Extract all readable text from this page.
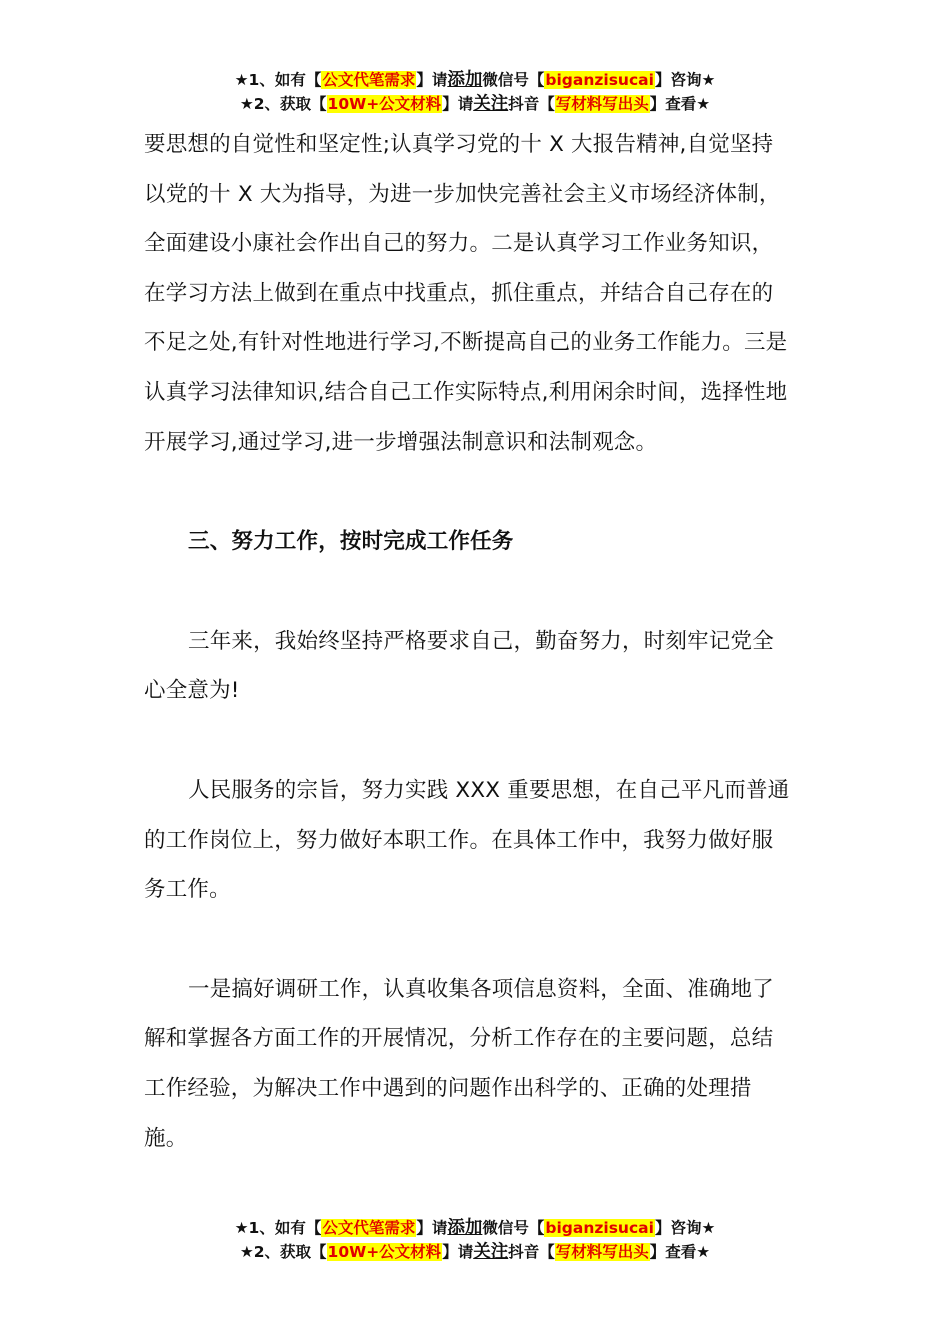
★1、如有【公文代笔需求】请添加微信号【biganzisucai】咨询★
★2、获取【10W+公文材料】请关注抖音【写材料写出头】查看★
要思想的自觉性和坚定性;认真学习党的十 X 大报告精神,自觉坚持
以党的十 X 大为指导，为进一步加快完善社会主义市场经济体制，
全面建设小康社会作出自己的努力。二是认真学习工作业务知识，
在学习方法上做到在重点中找重点，抓住重点，并结合自己存在的
不足之处,有针对性地进行学习,不断提高自己的业务工作能力。三是
认真学习法律知识,结合自己工作实际特点,利用闲余时间，选择性地
开展学习,通过学习,进一步增强法制意识和法制观念。
三、努力工作，按时完成工作任务
三年来，我始终坚持严格要求自己，勤奋努力，时刻牢记党全
心全意为!
人民服务的宗旨，努力实践 XXX 重要思想，在自己平凡而普通
的工作岗位上，努力做好本职工作。在具体工作中，我努力做好服
务工作。
一是搞好调研工作，认真收集各项信息资料，全面、准确地了
解和掌握各方面工作的开展情况，分析工作存在的主要问题，总结
工作经验，为解决工作中遇到的问题作出科学的、正确的处理措
施。
★1、如有【公文代笔需求】请添加微信号【biganzisucai】咨询★
★2、获取【10W+公文材料】请关注抖音【写材料写出头】查看★
